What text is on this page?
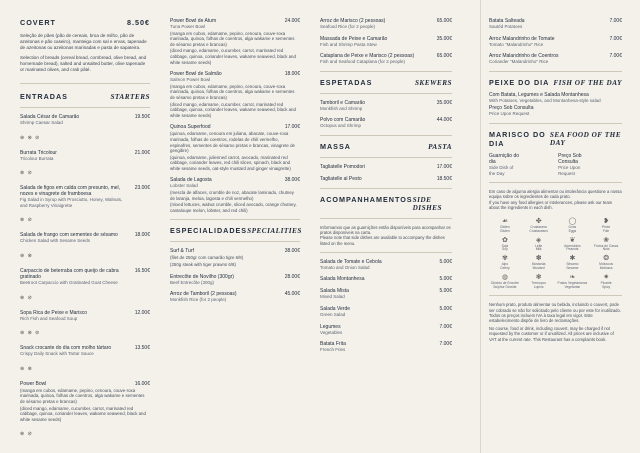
COVERT	8.50€
Seleção de pães (pão de cereais, broa de milho, pão de azeitonas e pão caseiro), manteiga com sal e ervas, tapenade de azeitonas ou azeitonas marinadas e pasta de sapateira.
Selection of breads (cereal bread, cornbread, olive bread, and homemade bread), salted and unsalted butter, olive tapenade or marinated olives, and crab pâté.
ENTRADAS	STARTERS
Salada César de Camarão
Shrimp Caesar Salad
19.50€
⊕ ⊗ ⊘
Burrata Tricolour
Tricolour Burrata
21.00€
⊗ ⊘
Salada de figos em calda com presunto, mel, nozes e vinagrete de framboesa
Fig Salad in Syrup with Prosciutto, Honey, Walnuts, and Raspberry Vinaigrette
23.00€
⊗ ⊘
Salada de frango com sementes de sésamo
Chicken Salad with Sesame Seeds
18.00€
⊕ ⊗
Carpaccio de beterraba com queijo de cabra gratinado
Beetroot Carpaccio with Gratinated Goat Cheese
16.50€
⊗ ⊘
Sopa Rica de Peixe e Marisco
Rich Fish and Seafood Soup
12.00€
⊕ ⊗ ⊘
Snack crocante do dia com molho tártaro
Crispy Daily Snack with Tartar Sauce
13.50€
⊕ ⊗
Power Bowl	16.00€
(manga em cubos, edamame, pepino, cenoura, couve-roxa marinada, quinoa, folhas de coentros, alga wakame e sementes de sésamo pretas e brancas)
(diced mango, edamame, cucumber, carrot, marinated red cabbage, quinoa, coriander leaves, wakame seaweed, black and white sesame seeds)
⊗ ⊘
Power Bowl de Atum
Tuna Power Bowl
24.00€
(manga em cubos, edamame, pepino, cenoura, couve-roxa marinada, quinoa, folhas de coentros, alga wakame e sementes de sésamo pretas e brancas)
(diced mango, edamame, cucumber, carrot, marinated red cabbage, quinoa, coriander leaves, wakame seaweed, black and white sesame seeds)
Power Bowl de Salmão
Salmon Power Bowl
18.00€
(manga em cubos, edamame, pepino, cenoura, couve-roxa marinada, quinoa, folhas de coentros, alga wakame e sementes de sésamo pretas e brancas)
(diced mango, edamame, cucumber, carrot, marinated red cabbage, quinoa, coriander leaves, wakame seaweed, black and white sesame seeds)
Quinoa Superfood	17.00€
(quinoa, edamame, cenoura em juliana, abacate, couve-roxa marinada, folhas de coentros, rodelas de chili vermelho, espinafres, sementes de sésamo pretas e brancas, vinagrete de gengibre)
(quinoa, edamame, julienned carrot, avocado, marinated red cabbage, coriander leaves, red chili slices, spinach, black and white sesame seeds, oat-style mustard and ginger vinaigrette)
Salada de Lagosta
Lobster Salad
38.00€
(mescla de alfaces, crumble de noz, abacate laminado, chutney de laranja, meloa, lagosta e chili vermelho)
(mixed lettuces, walnut crumble, sliced avocado, orange chutney, cantaloupe melon, lobster, and red chili)
ESPECIALIDADES SPECIALITIES
Surf & Turf	38.00€
(filet de 250gr com camarão tigre 6/8)
(250g steak with tiger prawns 6/8)
Entrecôte de Novilho (300gr)
Beef Entrecôte (300g)
28.00€
Arroz de Tamboril (2 pessoas)
Monkfish Rice (for 2 people)
45.00€
Arroz de Marisco (2 pessoas)
Seafood Rice (for 2 people)
65.00€
Massada de Peixe e Camarão
Fish and Shrimp Pasta Stew
35.00€
Cataplana de Peixe e Marisco (2 pessoas)
Fish and Seafood Cataplana (for 2 people)
65.00€
ESPETADAS	SKEWERS
Tamboril e Camarão
Monkfish and Shrimp
35.00€
Polvo com Camarão
Octopus and Shrimp
44.00€
MASSA	PASTA
Tagliatelle Pomodori	17.00€
Tagliatelle al Pesto	18.50€
ACOMPANHAMENTOS SIDE DISHES
Informamos que as guarnições estão disponíveis para acompanhar os pratos disponíveis na carta.
Please note that side dishes are available to accompany the dishes listed on the menu.
Salada de Tomate e Cebola
Tomato and Onion Salad
5.00€
Salada Montanhesa	5.00€
Salada Mista
Mixed Salad
5.00€
Salada Verde
Green Salad
5.00€
Legumes
Vegetables
7.00€
Batata Frita
French Fries
7.00€
Batata Salteada
Sautéd Potatoes
7.00€
Arroz Malandrinho de Tomate
Tomato "Malandrinho" Rice
7.00€
Arroz Malandrinho de Coentros
Coriander "Malandrinho" Rice
7.00€
PEIXE DO DIA FISH OF THE DAY
Com Batata, Legumes e Salada Montanhesa
With Potatoes, Vegetables, and Montanhesa-style salad
Preço Sob Consulta
Price Upon Request
MARISCO DO DIA
SEA FOOD OF THE DAY
Guarnição do dia
Side Dish of the Day
Preço Sob Consulta
Price Upon Request
Em caso de alguma alergia alimentar ou intolerância questione a nossa equipa sobre os ingredientes de cada prato.
If you have any food allergies or intolerances, please ask our team about the ingredients in each dish.
☙
Glúten
Gluten
✤
Crustáceos
Crustaceans
◯
Ovos
Eggs
❥
Peixe
Fish
✿
Soja
Soy
◈
Leite
Milk
❦
Amendoins
Peanuts
❀
Frutos de Casca
Nuts
✾
Aipo
Celery
✽
Mostarda
Mustard
✱
Sésamo
Sesame
❂
Moluscos
Molluscs
◍
Dióxido de Enxofre
Sulphur Dioxide
❃
Tremoços
Lupins
❧
Pratos Vegetarianos
Vegetarian
✷
Picante
Spicy
Nenhum prato, produto alimentar ou bebida, incluindo o couvert, pode ser cobrado se não for solicitado pelo cliente ou por este for inutilizado. Todos os preços incluem IVA à taxa legal em vigor. Este estabelecimento dispõe de livro de reclamações.
No course, food or drink, including couvert, may be charged if not requested by the customer or if unutilized. All prices are inclusive of VAT at the current rate. This Restaurant has a complaints book.
